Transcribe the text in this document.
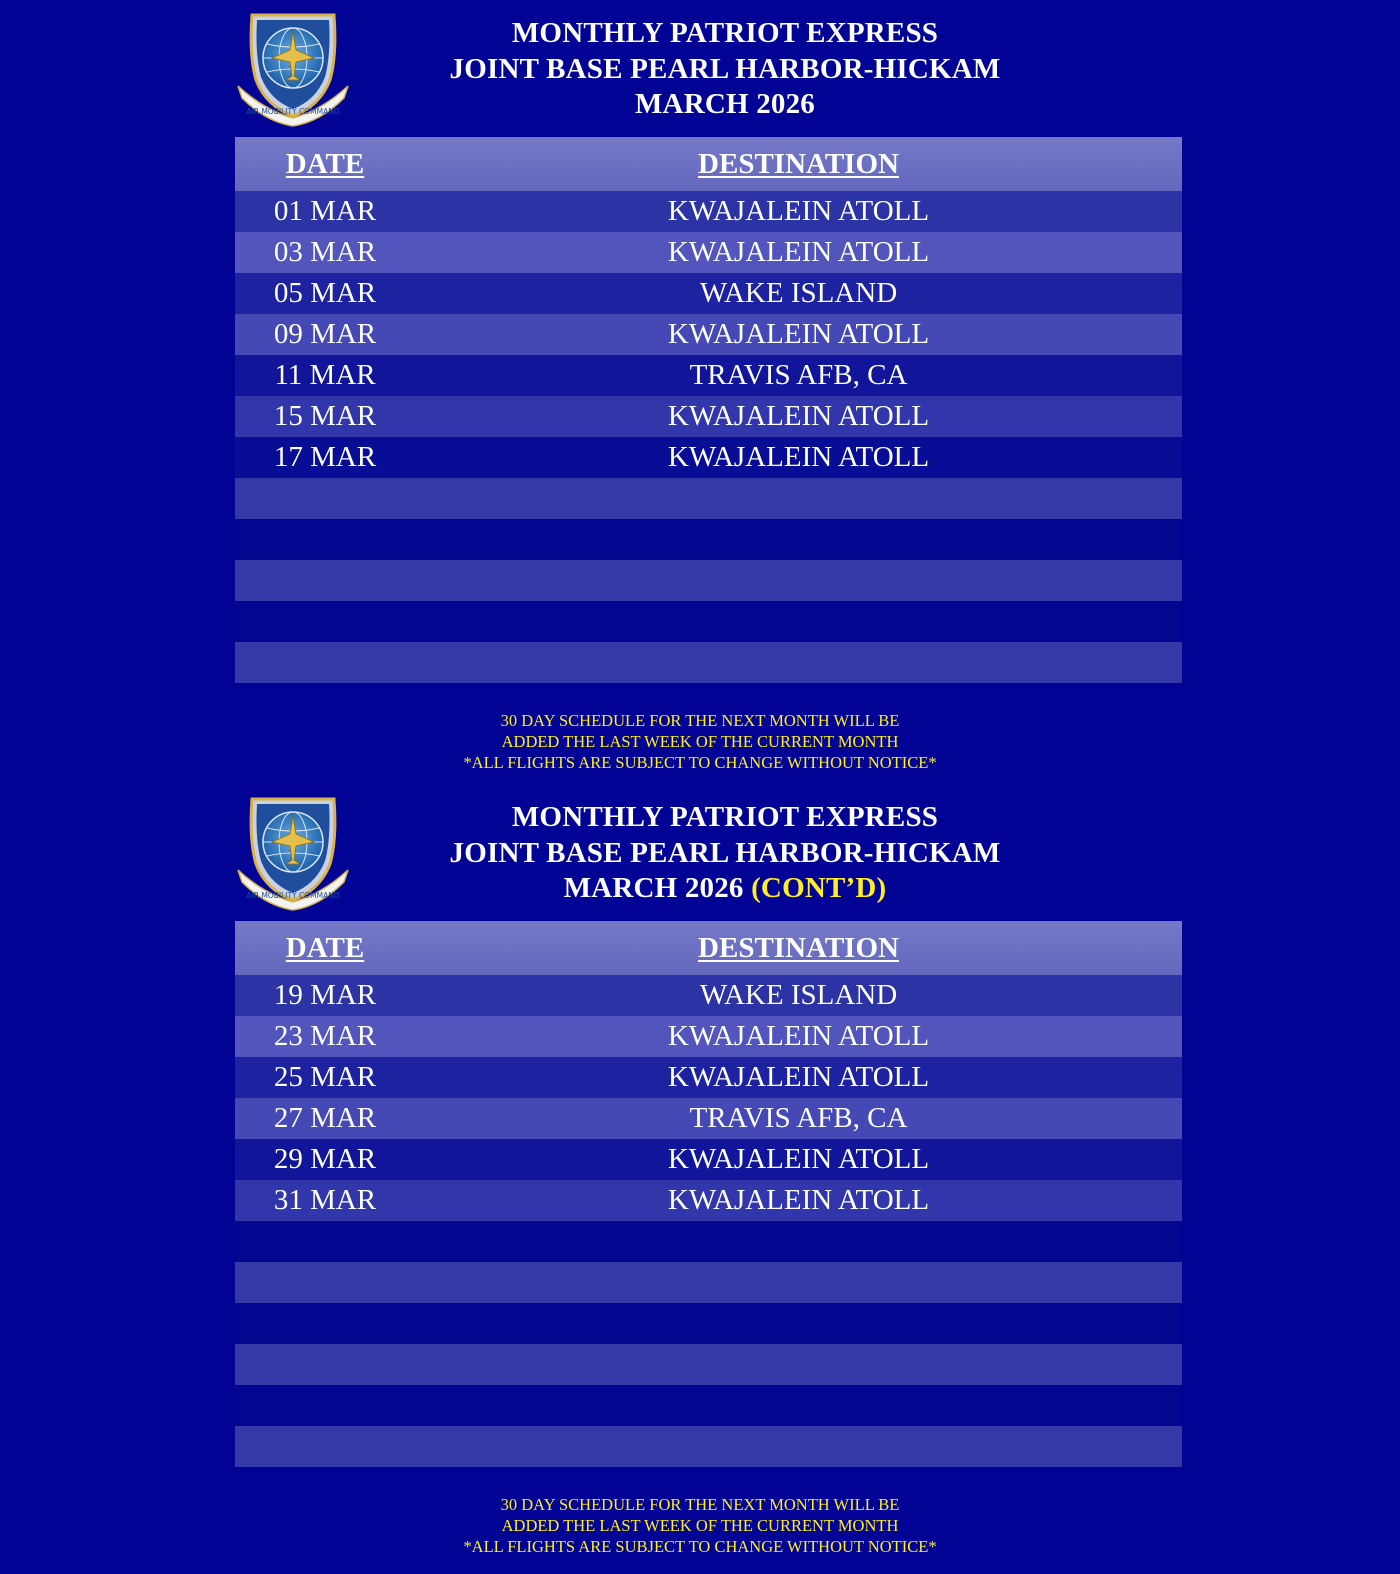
AIR MOBILITY COMMAND
MONTHLY PATRIOT EXPRESS
JOINT BASE PEARL HARBOR-HICKAM
MARCH 2026
DATE	DESTINATION
01 MAR	KWAJALEIN ATOLL
03 MAR	KWAJALEIN ATOLL
05 MAR	WAKE ISLAND
09 MAR	KWAJALEIN ATOLL
11 MAR	TRAVIS AFB, CA
15 MAR	KWAJALEIN ATOLL
17 MAR	KWAJALEIN ATOLL
30 DAY SCHEDULE FOR THE NEXT MONTH WILL BE
ADDED THE LAST WEEK OF THE CURRENT MONTH
*ALL FLIGHTS ARE SUBJECT TO CHANGE WITHOUT NOTICE*
AIR MOBILITY COMMAND
MONTHLY PATRIOT EXPRESS
JOINT BASE PEARL HARBOR-HICKAM
MARCH 2026 (CONT’D)
DATE	DESTINATION
19 MAR	WAKE ISLAND
23 MAR	KWAJALEIN ATOLL
25 MAR	KWAJALEIN ATOLL
27 MAR	TRAVIS AFB, CA
29 MAR	KWAJALEIN ATOLL
31 MAR	KWAJALEIN ATOLL
30 DAY SCHEDULE FOR THE NEXT MONTH WILL BE
ADDED THE LAST WEEK OF THE CURRENT MONTH
*ALL FLIGHTS ARE SUBJECT TO CHANGE WITHOUT NOTICE*
